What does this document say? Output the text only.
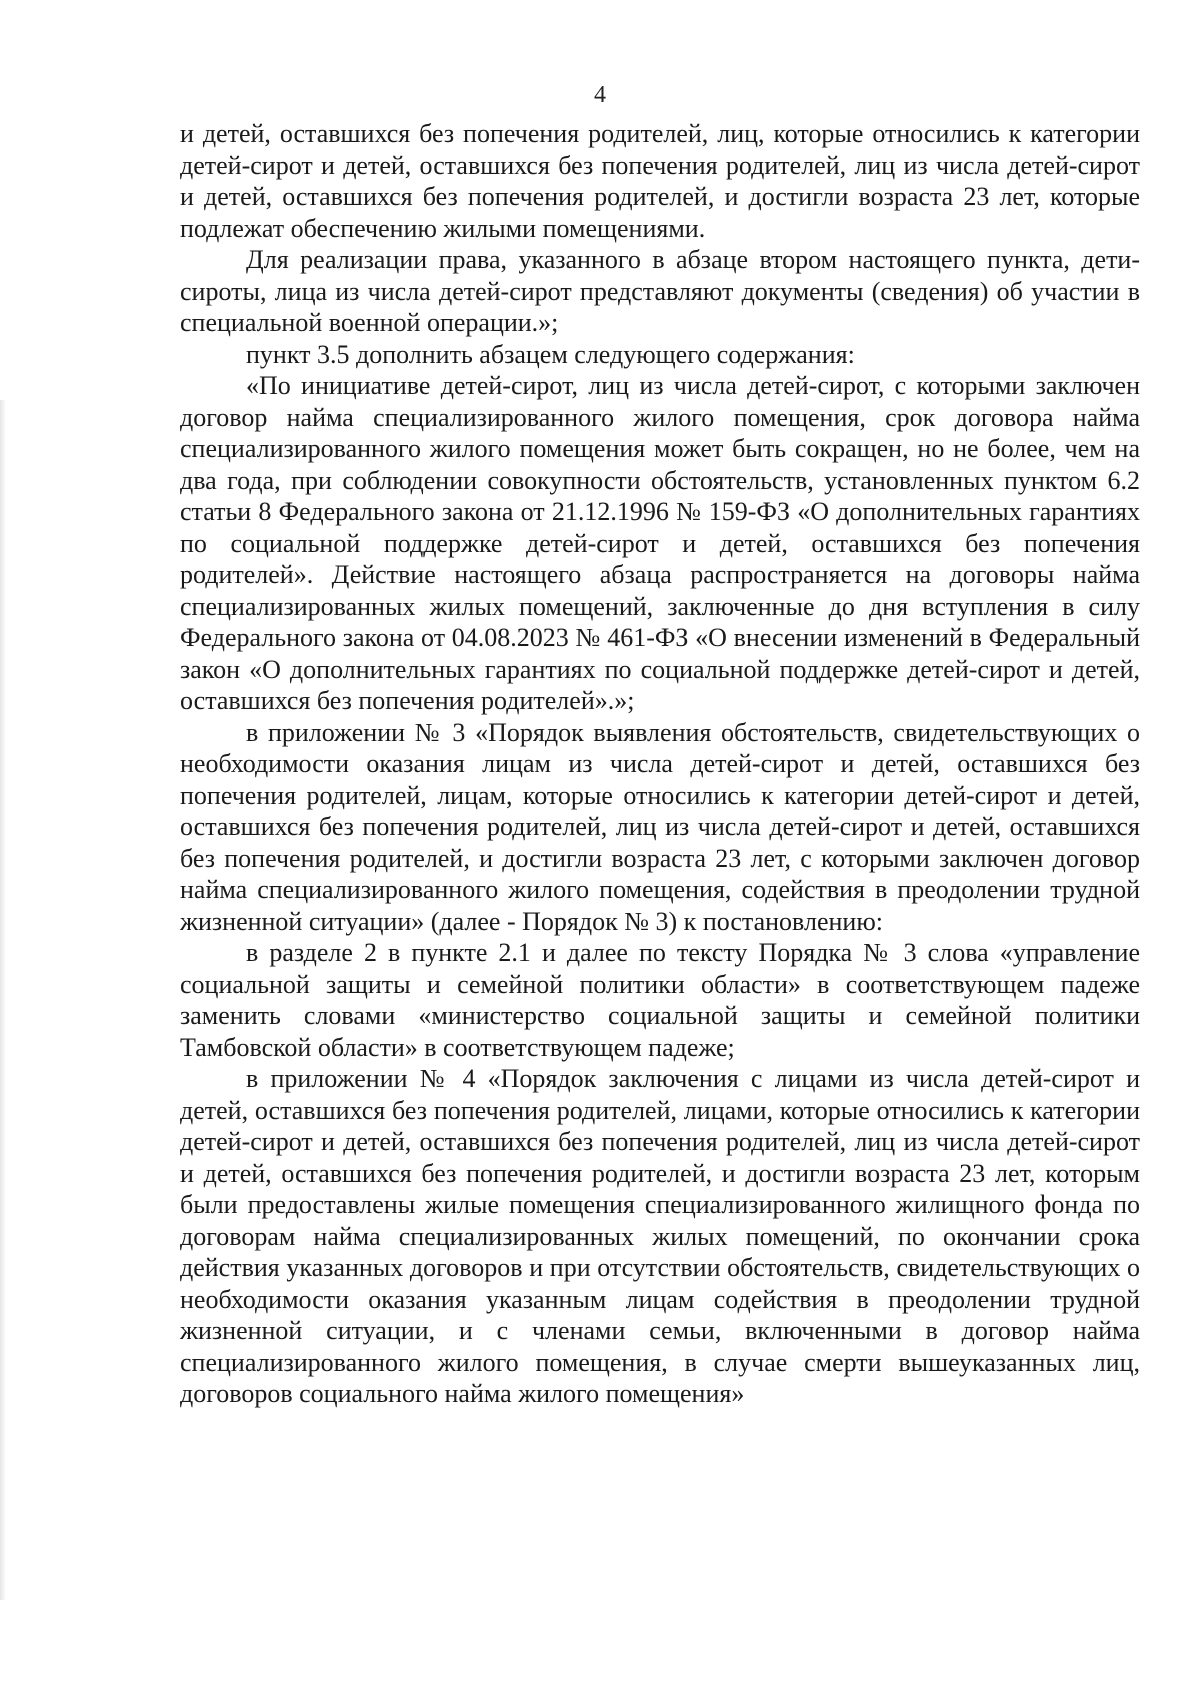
4

и детей, оставшихся без попечения родителей, лиц, которые относились к категории детей-сирот и детей, оставшихся без попечения родителей, лиц из числа детей-сирот и детей, оставшихся без попечения родителей, и достигли возраста 23 лет, которые подлежат обеспечению жилыми помещениями.

Для реализации права, указанного в абзаце втором настоящего пункта, дети-сироты, лица из числа детей-сирот представляют документы (сведения) об участии в специальной военной операции.»;

пункт 3.5 дополнить абзацем следующего содержания:

«По инициативе детей-сирот, лиц из числа детей-сирот, с которыми заключен договор найма специализированного жилого помещения, срок договора найма специализированного жилого помещения может быть сокращен, но не более, чем на два года, при соблюдении совокупности обстоятельств, установленных пунктом 6.2 статьи 8 Федерального закона от 21.12.1996 № 159-ФЗ «О дополнительных гарантиях по социальной поддержке детей-сирот и детей, оставшихся без попечения родителей». Действие настоящего абзаца распространяется на договоры найма специализированных жилых помещений, заключенные до дня вступления в силу Федерального закона от 04.08.2023 № 461-ФЗ «О внесении изменений в Федеральный закон «О дополнительных гарантиях по социальной поддержке детей-сирот и детей, оставшихся без попечения родителей».»;

в приложении № 3 «Порядок выявления обстоятельств, свидетельствующих о необходимости оказания лицам из числа детей-сирот и детей, оставшихся без попечения родителей, лицам, которые относились к категории детей-сирот и детей, оставшихся без попечения родителей, лиц из числа детей-сирот и детей, оставшихся без попечения родителей, и достигли возраста 23 лет, с которыми заключен договор найма специализированного жилого помещения, содействия в преодолении трудной жизненной ситуации» (далее - Порядок № 3) к постановлению:

в разделе 2 в пункте 2.1 и далее по тексту Порядка № 3 слова «управление социальной защиты и семейной политики области» в соответствующем падеже заменить словами «министерство социальной защиты и семейной политики Тамбовской области» в соответствующем падеже;

в приложении № 4 «Порядок заключения с лицами из числа детей-сирот и детей, оставшихся без попечения родителей, лицами, которые относились к категории детей-сирот и детей, оставшихся без попечения родителей, лиц из числа детей-сирот и детей, оставшихся без попечения родителей, и достигли возраста 23 лет, которым были предоставлены жилые помещения специализированного жилищного фонда по договорам найма специализированных жилых помещений, по окончании срока действия указанных договоров и при отсутствии обстоятельств, свидетельствующих о необходимости оказания указанным лицам содействия в преодолении трудной жизненной ситуации, и с членами семьи, включенными в договор найма специализированного жилого помещения, в случае смерти вышеуказанных лиц, договоров социального найма жилого помещения»
